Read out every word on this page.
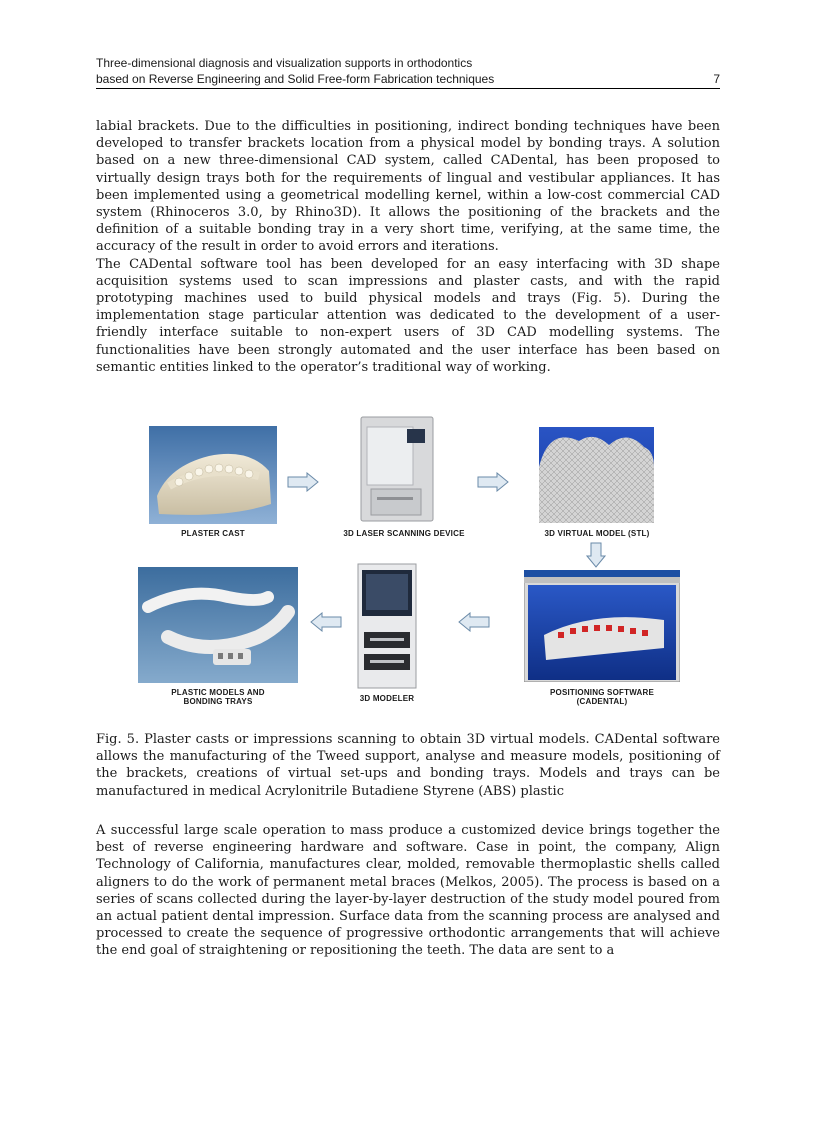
Three-dimensional diagnosis and visualization supports in orthodontics
based on Reverse Engineering and Solid Free-form Fabrication techniques	7

labial brackets. Due to the difficulties in positioning, indirect bonding techniques have been developed to transfer brackets location from a physical model by bonding trays. A solution based on a new three-dimensional CAD system, called CADental, has been proposed to virtually design trays both for the requirements of lingual and vestibular appliances. It has been implemented using a geometrical modelling kernel, within a low-cost commercial CAD system (Rhinoceros 3.0, by Rhino3D). It allows the positioning of the brackets and the definition of a suitable bonding tray in a very short time, verifying, at the same time, the accuracy of the result in order to avoid errors and iterations.

The CADental software tool has been developed for an easy interfacing with 3D shape acquisition systems used to scan impressions and plaster casts, and with the rapid prototyping machines used to build physical models and trays (Fig. 5). During the implementation stage particular attention was dedicated to the development of a user-friendly interface suitable to non-expert users of 3D CAD modelling systems. The functionalities have been strongly automated and the user interface has been based on semantic entities linked to the operator’s traditional way of working.

PLASTER CAST	3D LASER SCANNING DEVICE	3D VIRTUAL MODEL (STL)
PLASTIC MODELS AND
BONDING TRAYS	3D MODELER
POSITIONING SOFTWARE
(CADENTAL)

Fig. 5. Plaster casts or impressions scanning to obtain 3D virtual models. CADental software allows the manufacturing of the Tweed support, analyse and measure models, positioning of the brackets, creations of virtual set-ups and bonding trays. Models and trays can be manufactured in medical Acrylonitrile Butadiene Styrene (ABS) plastic

A successful large scale operation to mass produce a customized device brings together the best of reverse engineering hardware and software. Case in point, the company, Align Technology of California, manufactures clear, molded, removable thermoplastic shells called aligners to do the work of permanent metal braces (Melkos, 2005). The process is based on a series of scans collected during the layer-by-layer destruction of the study model poured from an actual patient dental impression. Surface data from the scanning process are analysed and processed to create the sequence of progressive orthodontic arrangements that will achieve the end goal of straightening or repositioning the teeth. The data are sent to a
